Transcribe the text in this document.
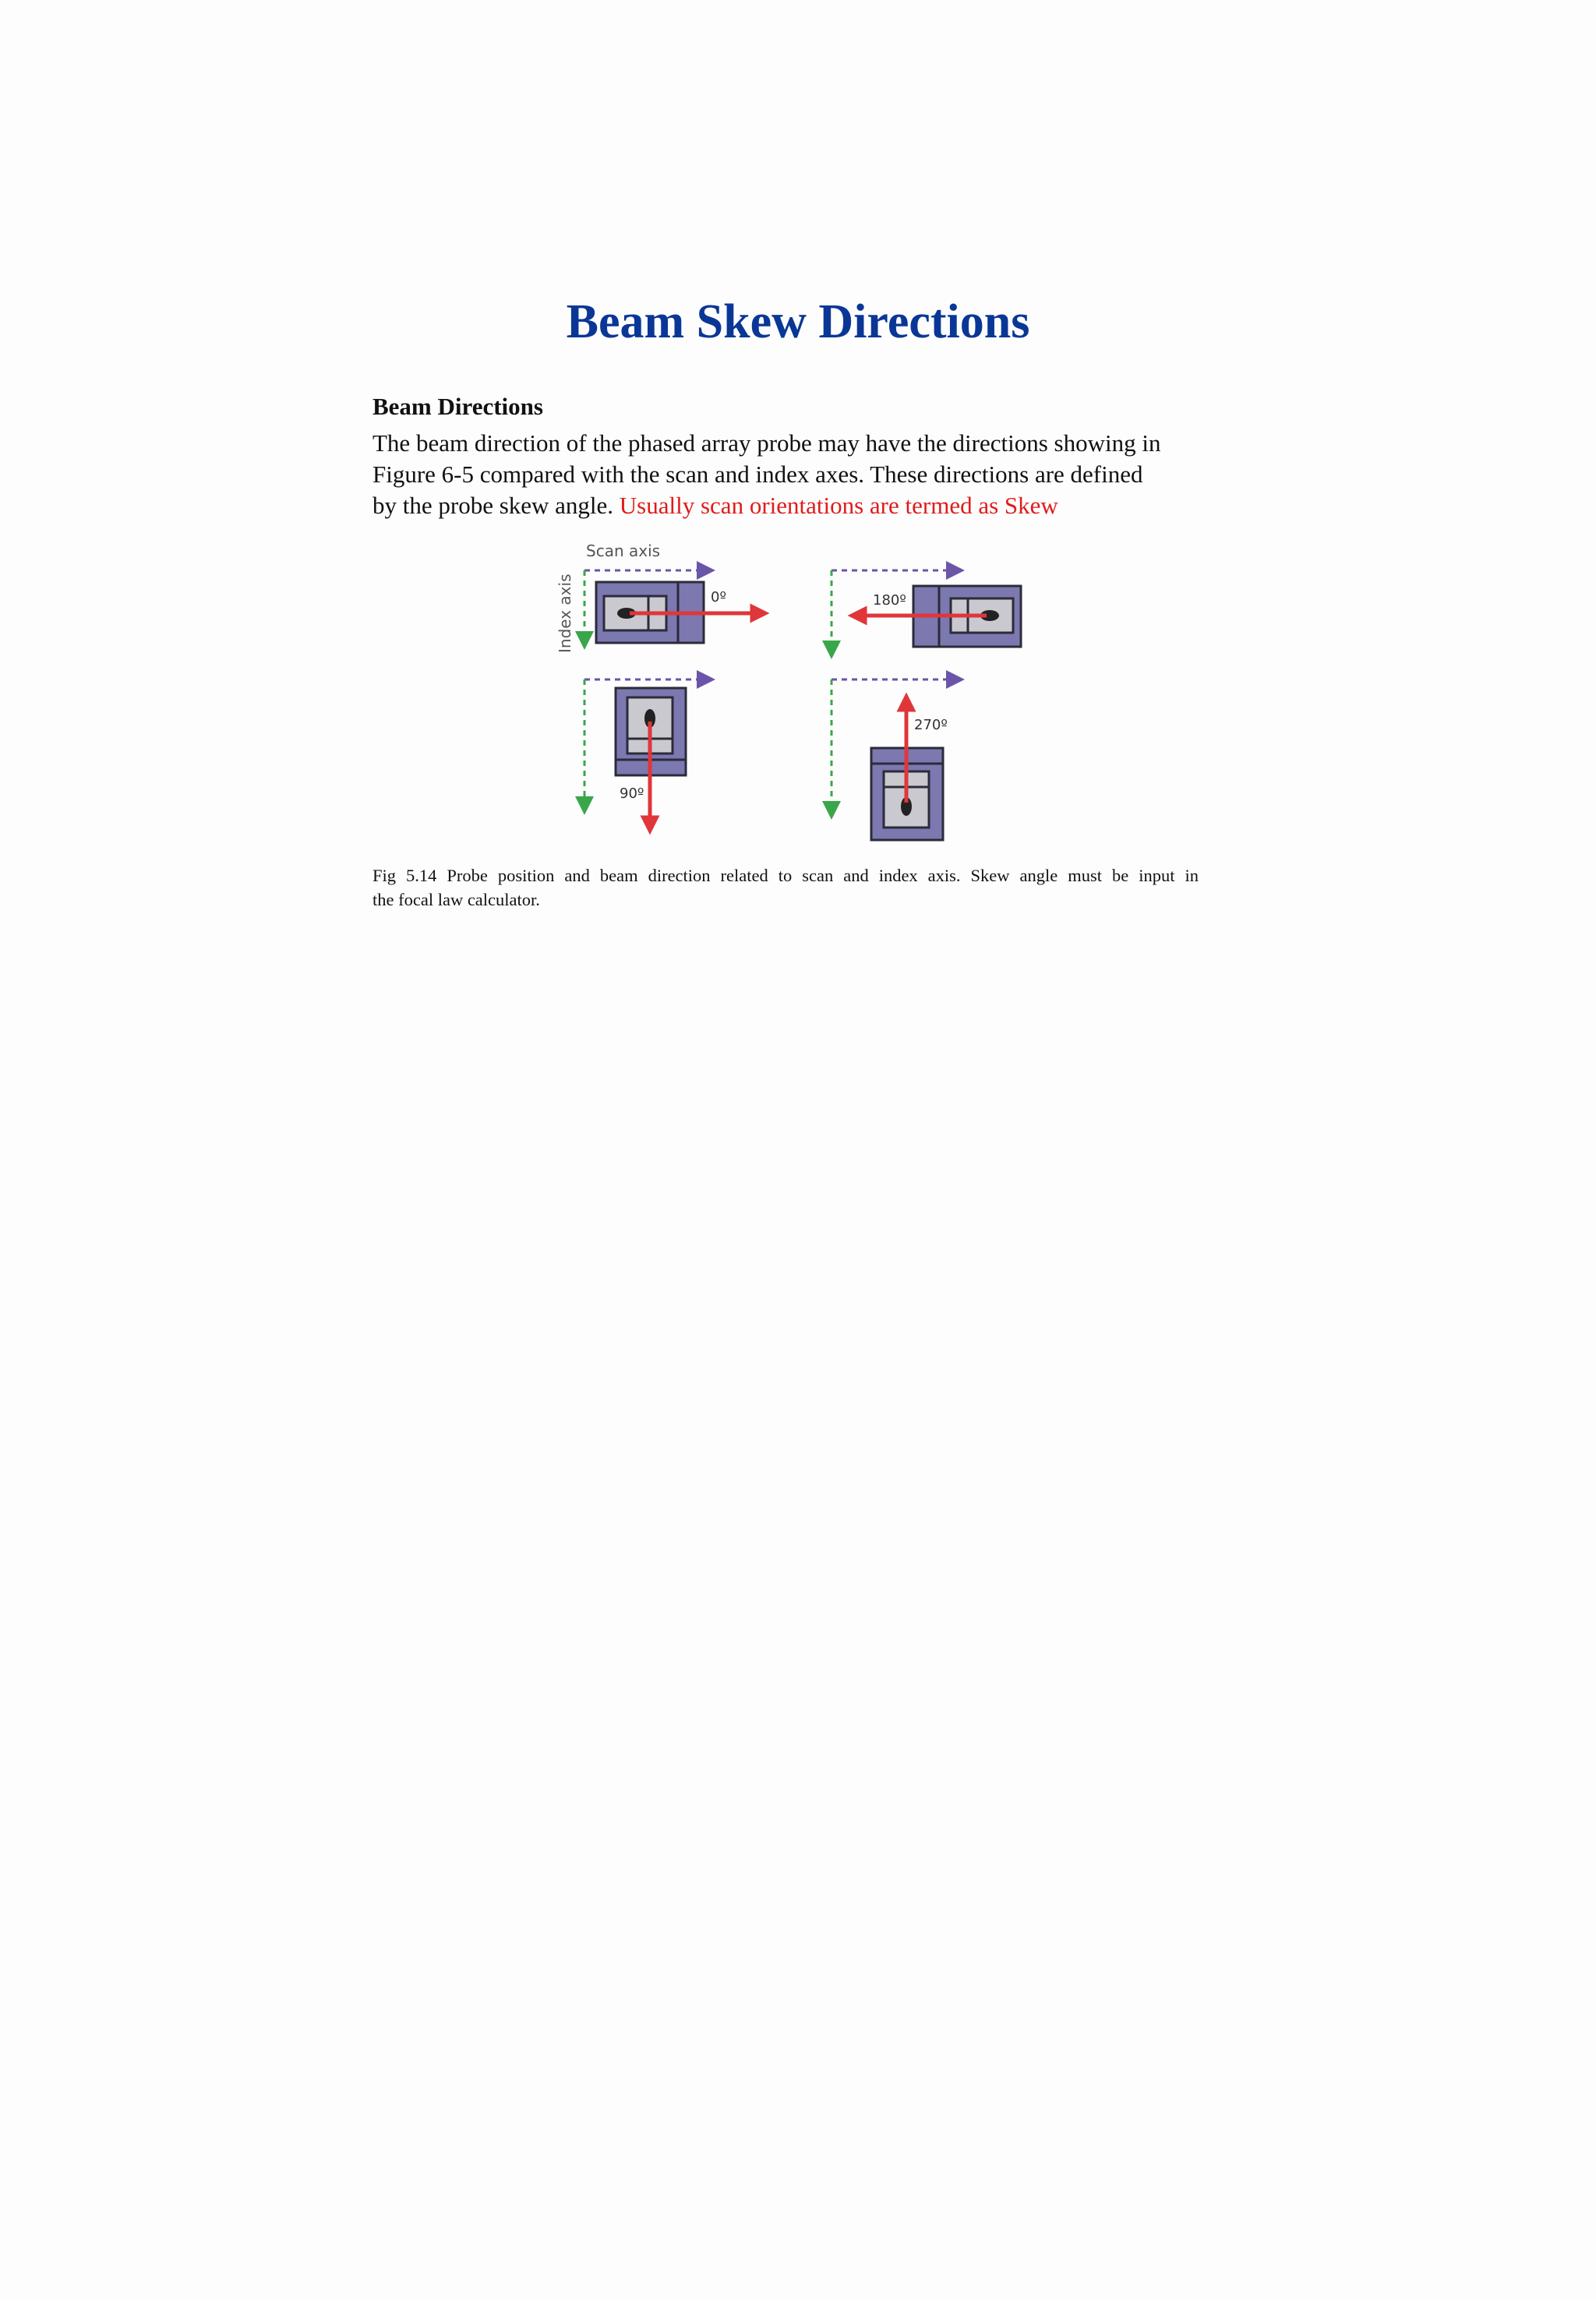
Beam Skew Directions
Beam Directions

The beam direction of the phased array probe may have the directions showing in
Figure 6-5 compared with the scan and index axes. These directions are defined
by the probe skew angle. Usually scan orientations are termed as Skew

Scan axis
Index axis	0º	180º
90º
270º

Fig 5.14 Probe position and beam direction related to scan and index axis. Skew angle must be input in
the focal law calculator.
